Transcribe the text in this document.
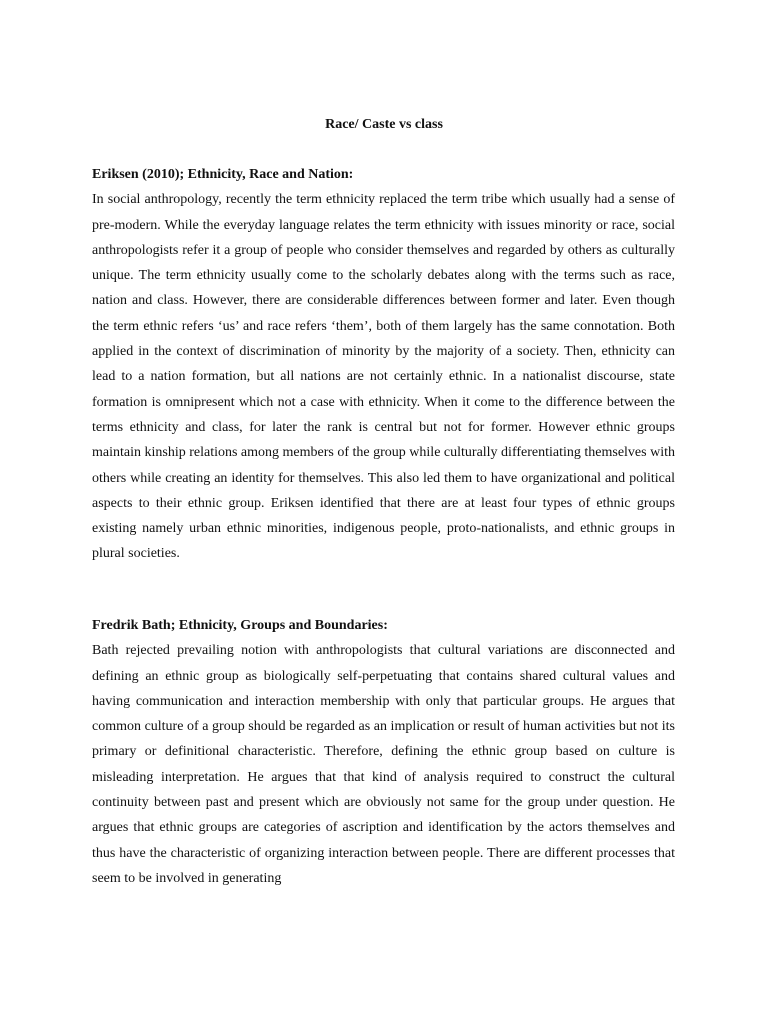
Race/ Caste vs class

Eriksen (2010); Ethnicity, Race and Nation:

In social anthropology, recently the term ethnicity replaced the term tribe which usually had a sense of pre-modern. While the everyday language relates the term ethnicity with issues minority or race, social anthropologists refer it a group of people who consider themselves and regarded by others as culturally unique. The term ethnicity usually come to the scholarly debates along with the terms such as race, nation and class. However, there are considerable differences between former and later. Even though the term ethnic refers ‘us’ and race refers ‘them’, both of them largely has the same connotation. Both applied in the context of discrimination of minority by the majority of a society. Then, ethnicity can lead to a nation formation, but all nations are not certainly ethnic. In a nationalist discourse, state formation is omnipresent which not a case with ethnicity. When it come to the difference between the terms ethnicity and class, for later the rank is central but not for former. However ethnic groups maintain kinship relations among members of the group while culturally differentiating themselves with others while creating an identity for themselves. This also led them to have organizational and political aspects to their ethnic group. Eriksen identified that there are at least four types of ethnic groups existing namely urban ethnic minorities, indigenous people, proto-nationalists, and ethnic groups in plural societies.

Fredrik Bath; Ethnicity, Groups and Boundaries:

Bath rejected prevailing notion with anthropologists that cultural variations are disconnected and defining an ethnic group as biologically self-perpetuating that contains shared cultural values and having communication and interaction membership with only that particular groups. He argues that common culture of a group should be regarded as an implication or result of human activities but not its primary or definitional characteristic. Therefore, defining the ethnic group based on culture is misleading interpretation. He argues that that kind of analysis required to construct the cultural continuity between past and present which are obviously not same for the group under question. He argues that ethnic groups are categories of ascription and identification by the actors themselves and thus have the characteristic of organizing interaction between people. There are different processes that seem to be involved in generating
